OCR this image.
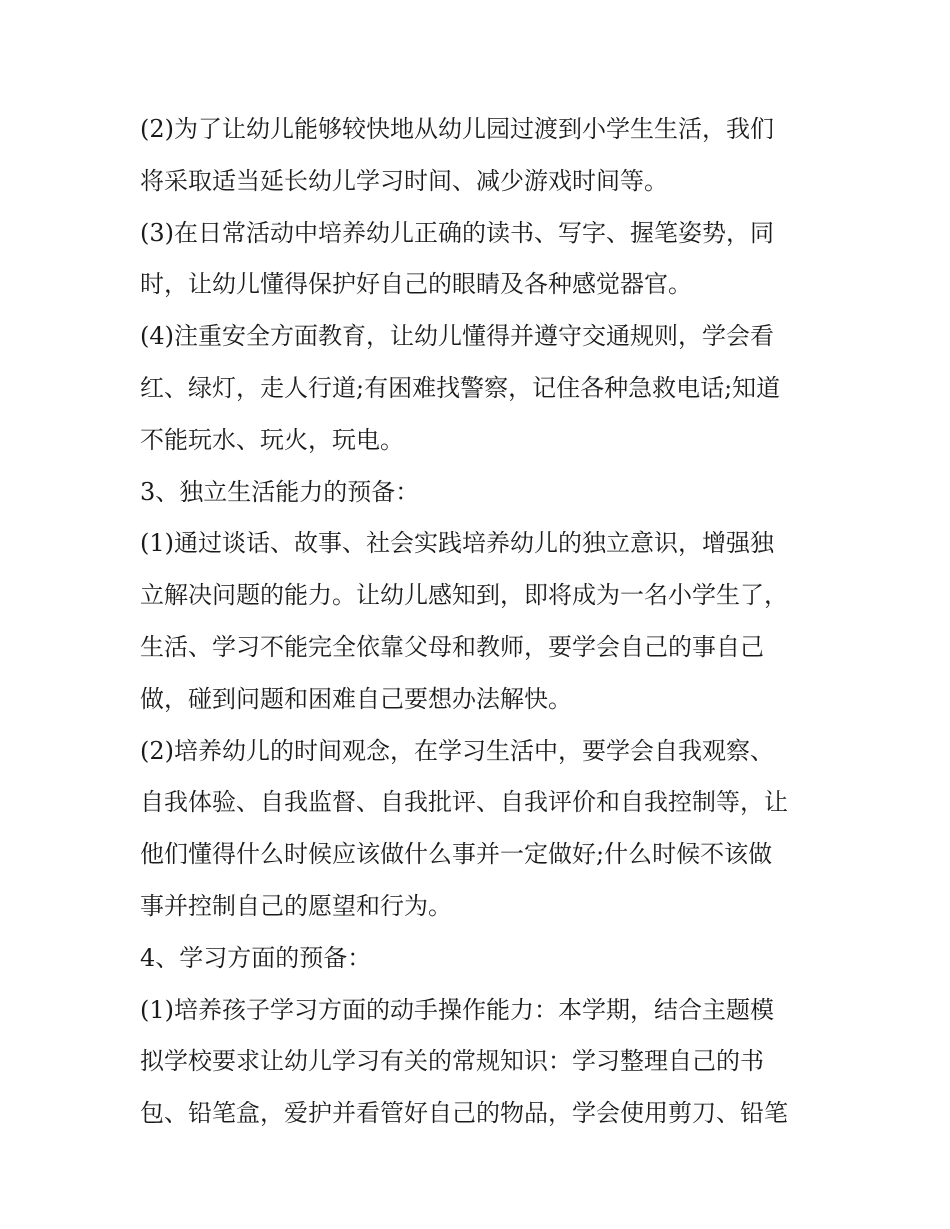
(2)为了让幼儿能够较快地从幼儿园过渡到小学生生活，我们
将采取适当延长幼儿学习时间、减少游戏时间等。
(3)在日常活动中培养幼儿正确的读书、写字、握笔姿势，同
时，让幼儿懂得保护好自己的眼睛及各种感觉器官。
(4)注重安全方面教育，让幼儿懂得并遵守交通规则，学会看
红、绿灯，走人行道;有困难找警察，记住各种急救电话;知道
不能玩水、玩火，玩电。
3、独立生活能力的预备：
(1)通过谈话、故事、社会实践培养幼儿的独立意识，增强独
立解决问题的能力。让幼儿感知到，即将成为一名小学生了，
生活、学习不能完全依靠父母和教师，要学会自己的事自己
做，碰到问题和困难自己要想办法解快。
(2)培养幼儿的时间观念，在学习生活中，要学会自我观察、
自我体验、自我监督、自我批评、自我评价和自我控制等，让
他们懂得什么时候应该做什么事并一定做好;什么时候不该做
事并控制自己的愿望和行为。
4、学习方面的预备：
(1)培养孩子学习方面的动手操作能力：本学期，结合主题模
拟学校要求让幼儿学习有关的常规知识：学习整理自己的书
包、铅笔盒，爱护并看管好自己的物品，学会使用剪刀、铅笔
